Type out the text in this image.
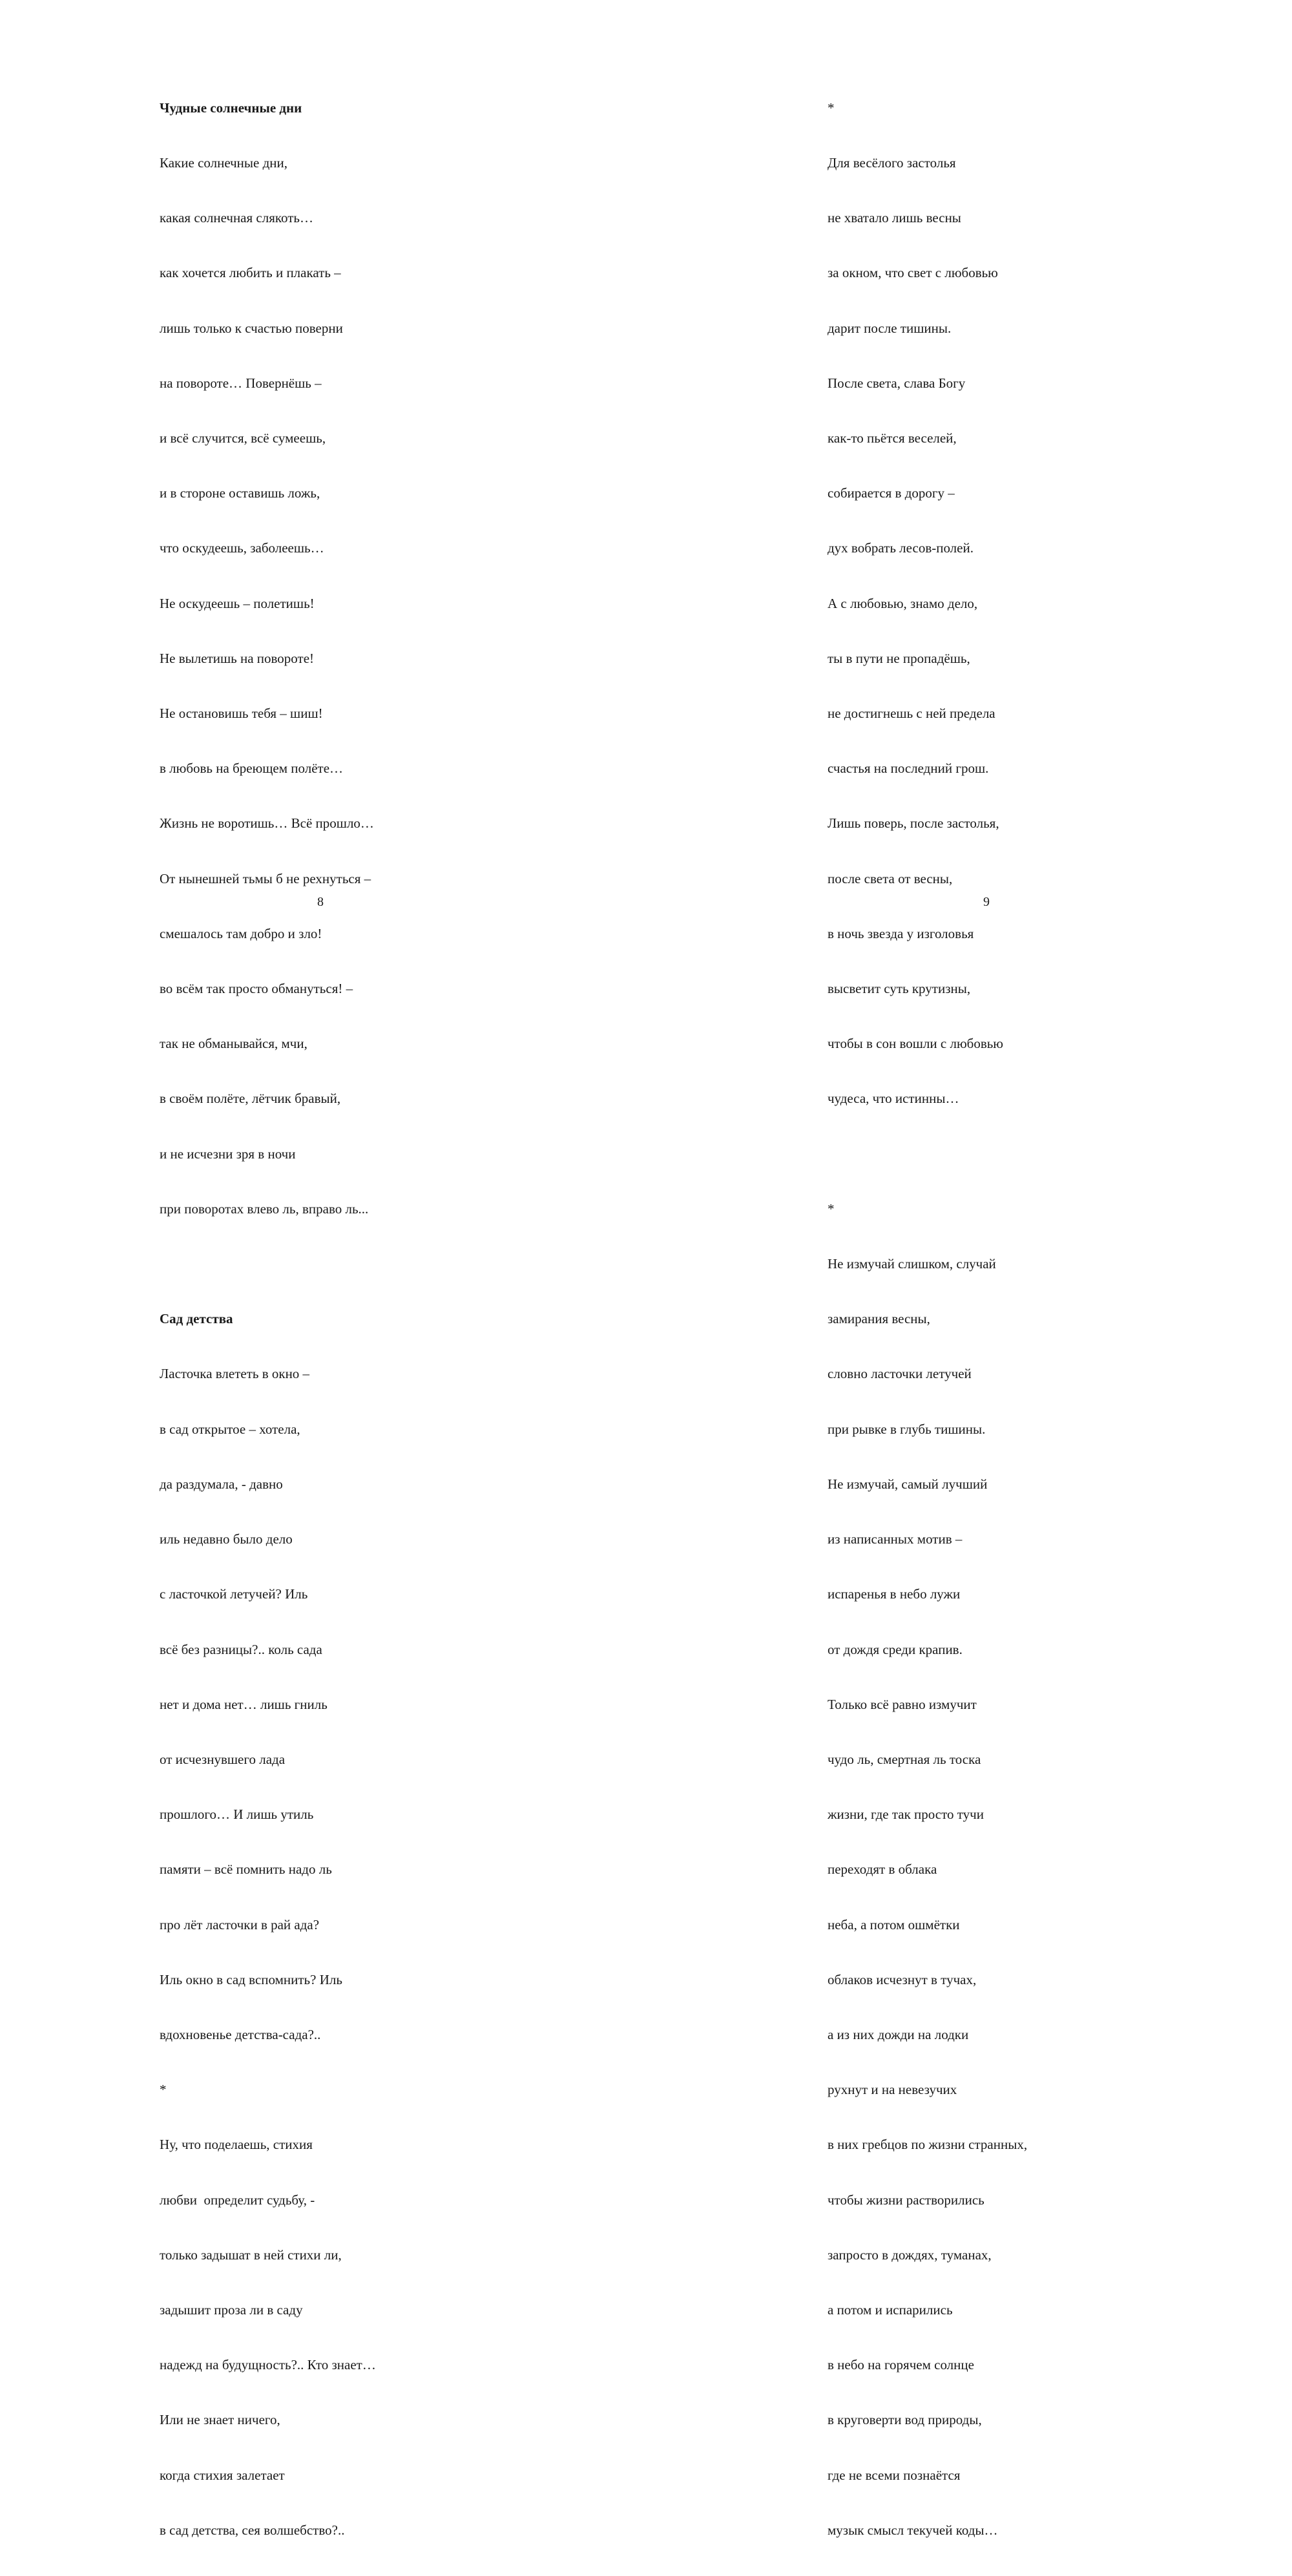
Чудные солнечные дни

Какие солнечные дни,

какая солнечная слякоть…

как хочется любить и плакать –

лишь только к счастью поверни

на повороте… Повернёшь –

и всё случится, всё сумеешь,

и в стороне оставишь ложь,

что оскудеешь, заболеешь…

Не оскудеешь – полетишь!

Не вылетишь на повороте!

Не остановишь тебя – шиш!

в любовь на бреющем полёте…

Жизнь не воротишь… Всё прошло…

От нынешней тьмы б не рехнуться –

смешалось там добро и зло!

во всём так просто обмануться! –

так не обманывайся, мчи,

в своём полёте, лётчик бравый,

и не исчезни зря в ночи

при поворотах влево ль, вправо ль...

Сад детства

Ласточка влететь в окно –

в сад открытое – хотела,

да раздумала, - давно

иль недавно было дело

с ласточкой летучей? Иль

всё без разницы?.. коль сада

нет и дома нет… лишь гниль

от исчезнувшего лада

прошлого… И лишь утиль

памяти – всё помнить надо ль

про лёт ласточки в рай ада?

Иль окно в сад вспомнить? Иль

вдохновенье детства-сада?..

*

Ну, что поделаешь, стихия

любви  определит судьбу, -

только задышат в ней стихи ли,

задышит проза ли в саду

надежд на будущность?.. Кто знает…

Или не знает ничего,

когда стихия залетает

в сад детства, сея волшебство?..

8

*

Для весёлого застолья

не хватало лишь весны

за окном, что свет с любовью

дарит после тишины.

После света, слава Богу

как-то пьётся веселей,

собирается в дорогу –

дух вобрать лесов-полей.

А с любовью, знамо дело,

ты в пути не пропадёшь,

не достигнешь с ней предела

счастья на последний грош.

Лишь поверь, после застолья,

после света от весны,

в ночь звезда у изголовья

высветит суть крутизны,

чтобы в сон вошли с любовью

чудеса, что истинны…

*

Не измучай слишком, случай

замирания весны,

словно ласточки летучей

при рывке в глубь тишины.

Не измучай, самый лучший

из написанных мотив –

испаренья в небо лужи

от дождя среди крапив.

Только всё равно измучит

чудо ль, смертная ль тоска

жизни, где так просто тучи

переходят в облака

неба, а потом ошмётки

облаков исчезнут в тучах,

а из них дожди на лодки

рухнут и на невезучих

в них гребцов по жизни странных,

чтобы жизни растворились

запросто в дождях, туманах,

а потом и испарились

в небо на горячем солнце

в круговерти вод природы,

где не всеми познаётся

музык смысл текучей коды…

9
